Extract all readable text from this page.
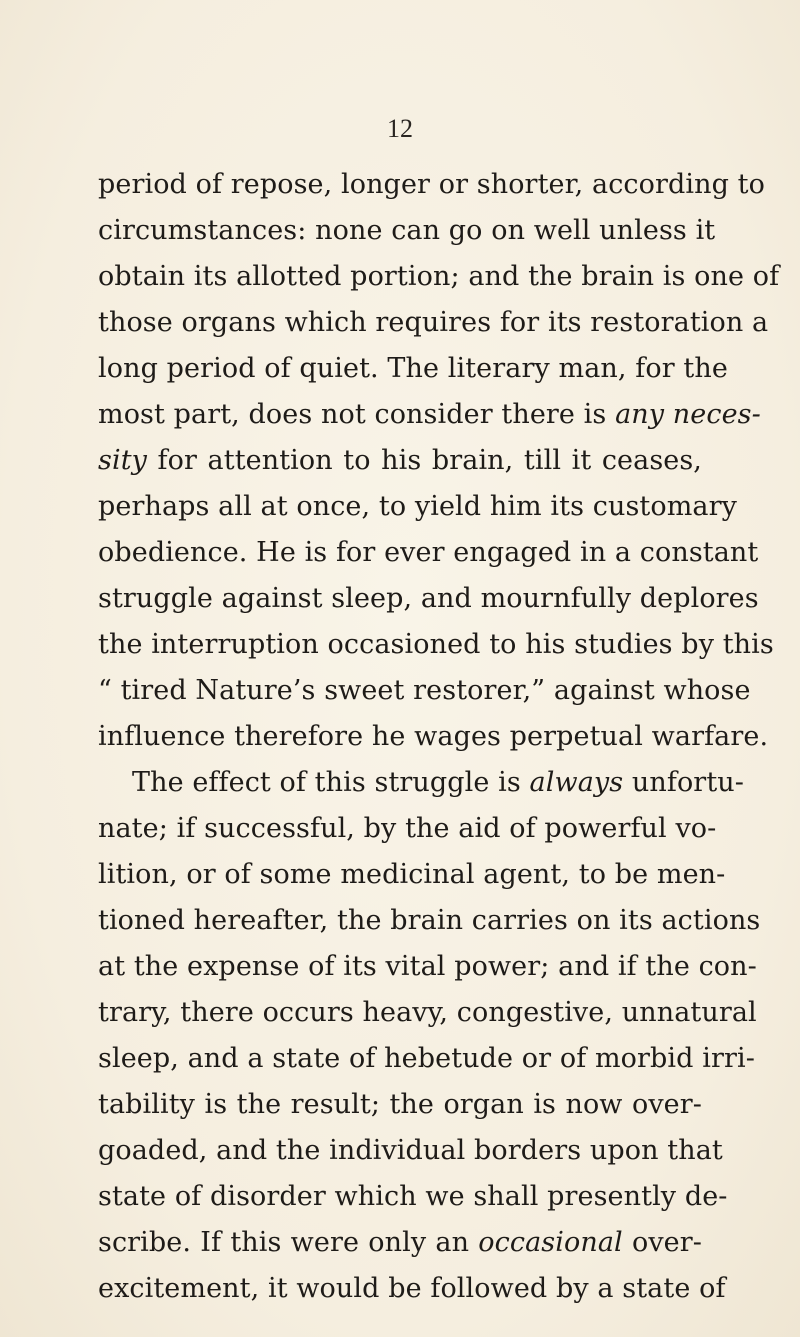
12

period of repose, longer or shorter, according to

circumstances: none can go on well unless it

obtain its allotted portion; and the brain is one of

those organs which requires for its restoration a

long period of quiet. The literary man, for the

most part, does not consider there is any neces-

sity for attention to his brain, till it ceases,

perhaps all at once, to yield him its customary

obedience. He is for ever engaged in a constant

struggle against sleep, and mournfully deplores

the interruption occasioned to his studies by this

“ tired Nature’s sweet restorer,” against whose

influence therefore he wages perpetual warfare.

The effect of this struggle is always unfortu-

nate; if successful, by the aid of powerful vo-

lition, or of some medicinal agent, to be men-

tioned hereafter, the brain carries on its actions

at the expense of its vital power; and if the con-

trary, there occurs heavy, congestive, unnatural

sleep, and a state of hebetude or of morbid irri-

tability is the result; the organ is now over-

goaded, and the individual borders upon that

state of disorder which we shall presently de-

scribe. If this were only an occasional over-

excitement, it would be followed by a state of
